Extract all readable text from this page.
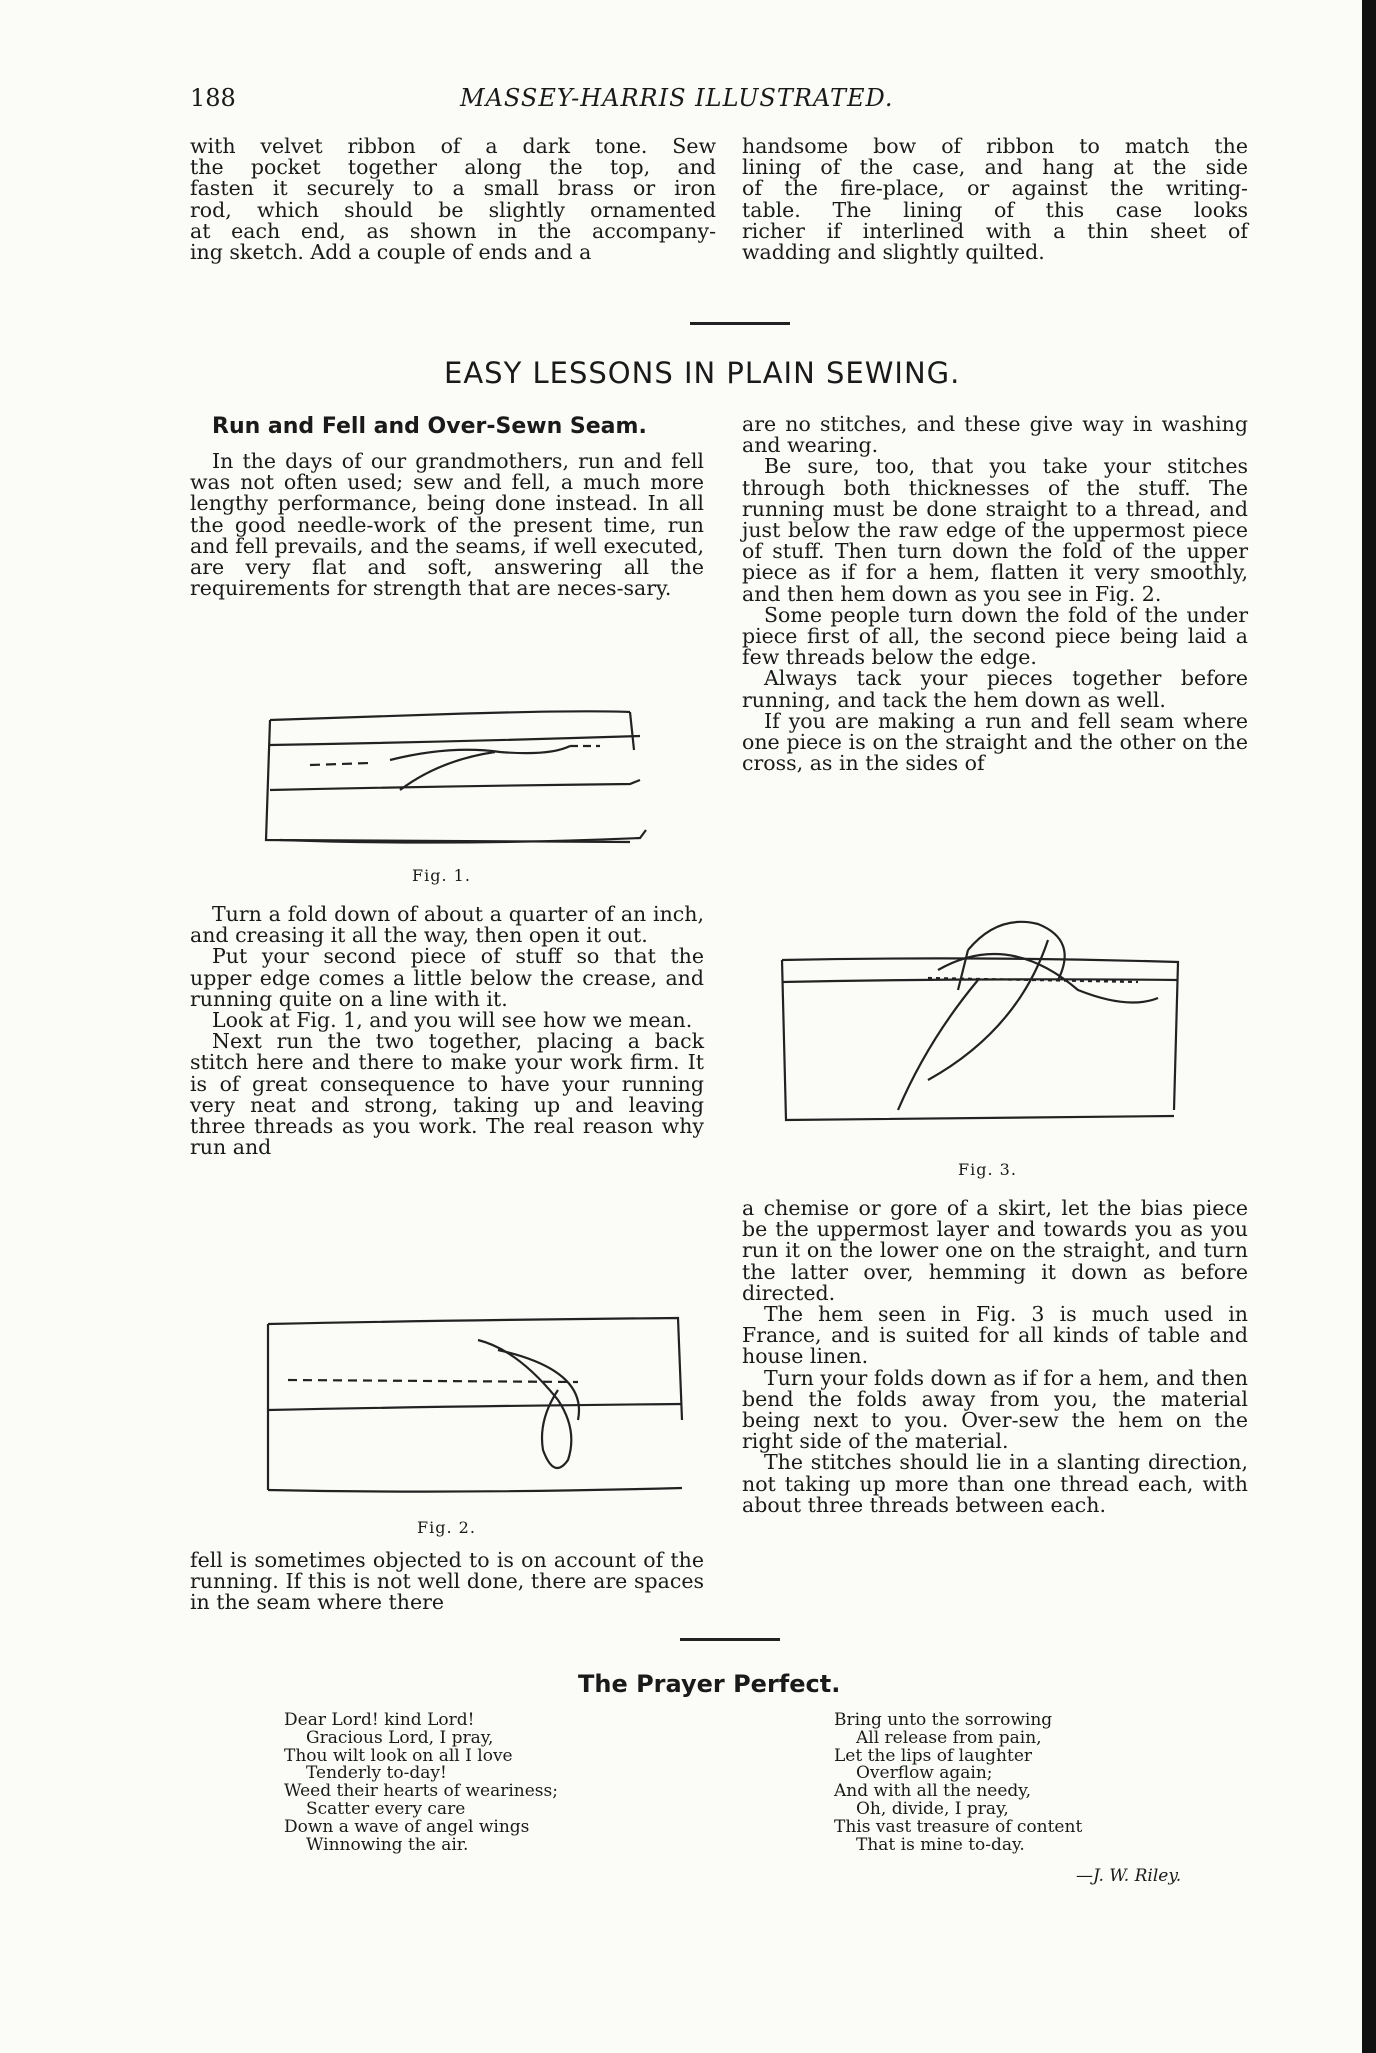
188	MASSEY-HARRIS ILLUSTRATED.
with velvet ribbon of a dark tone. Sew
the pocket together along the top, and
fasten it securely to a small brass or iron
rod, which should be slightly ornamented
at each end, as shown in the accompany-
ing sketch. Add a couple of ends and a
handsome bow of ribbon to match the
lining of the case, and hang at the side
of the fire-place, or against the writing-
table. The lining of this case looks
richer if interlined with a thin sheet of
wadding and slightly quilted.
EASY LESSONS IN PLAIN SEWING.
Run and Fell and Over-Sewn Seam.

In the days of our grandmothers, run and fell was not often used; sew and fell, a much more lengthy performance, being done instead. In all the good needle-work of the present time, run and fell prevails, and the seams, if well executed, are very flat and soft, answering all the requirements for strength that are neces-sary.

Fig. 1.

Turn a fold down of about a quarter of an inch, and creasing it all the way, then open it out.

Put your second piece of stuff so that the upper edge comes a little below the crease, and running quite on a line with it.

Look at Fig. 1, and you will see how we mean.

Next run the two together, placing a back stitch here and there to make your work firm. It is of great consequence to have your running very neat and strong, taking up and leaving three threads as you work. The real reason why run and

Fig. 2.

fell is sometimes objected to is on account of the running. If this is not well done, there are spaces in the seam where there

are no stitches, and these give way in washing and wearing.

Be sure, too, that you take your stitches through both thicknesses of the stuff. The running must be done straight to a thread, and just below the raw edge of the uppermost piece of stuff. Then turn down the fold of the upper piece as if for a hem, flatten it very smoothly, and then hem down as you see in Fig. 2.

Some people turn down the fold of the under piece first of all, the second piece being laid a few threads below the edge.

Always tack your pieces together before running, and tack the hem down as well.

If you are making a run and fell seam where one piece is on the straight and the other on the cross, as in the sides of

Fig. 3.

a chemise or gore of a skirt, let the bias piece be the uppermost layer and towards you as you run it on the lower one on the straight, and turn the latter over, hemming it down as before directed.

The hem seen in Fig. 3 is much used in France, and is suited for all kinds of table and house linen.

Turn your folds down as if for a hem, and then bend the folds away from you, the material being next to you. Over-sew the hem on the right side of the material.

The stitches should lie in a slanting direction, not taking up more than one thread each, with about three threads between each.

The Prayer Perfect.
Dear Lord! kind Lord!
Gracious Lord, I pray,
Thou wilt look on all I love
Tenderly to-day!
Weed their hearts of weariness;
Scatter every care
Down a wave of angel wings
Winnowing the air.
Bring unto the sorrowing
All release from pain,
Let the lips of laughter
Overflow again;
And with all the needy,
Oh, divide, I pray,
This vast treasure of content
That is mine to-day.
—J. W. Riley.
